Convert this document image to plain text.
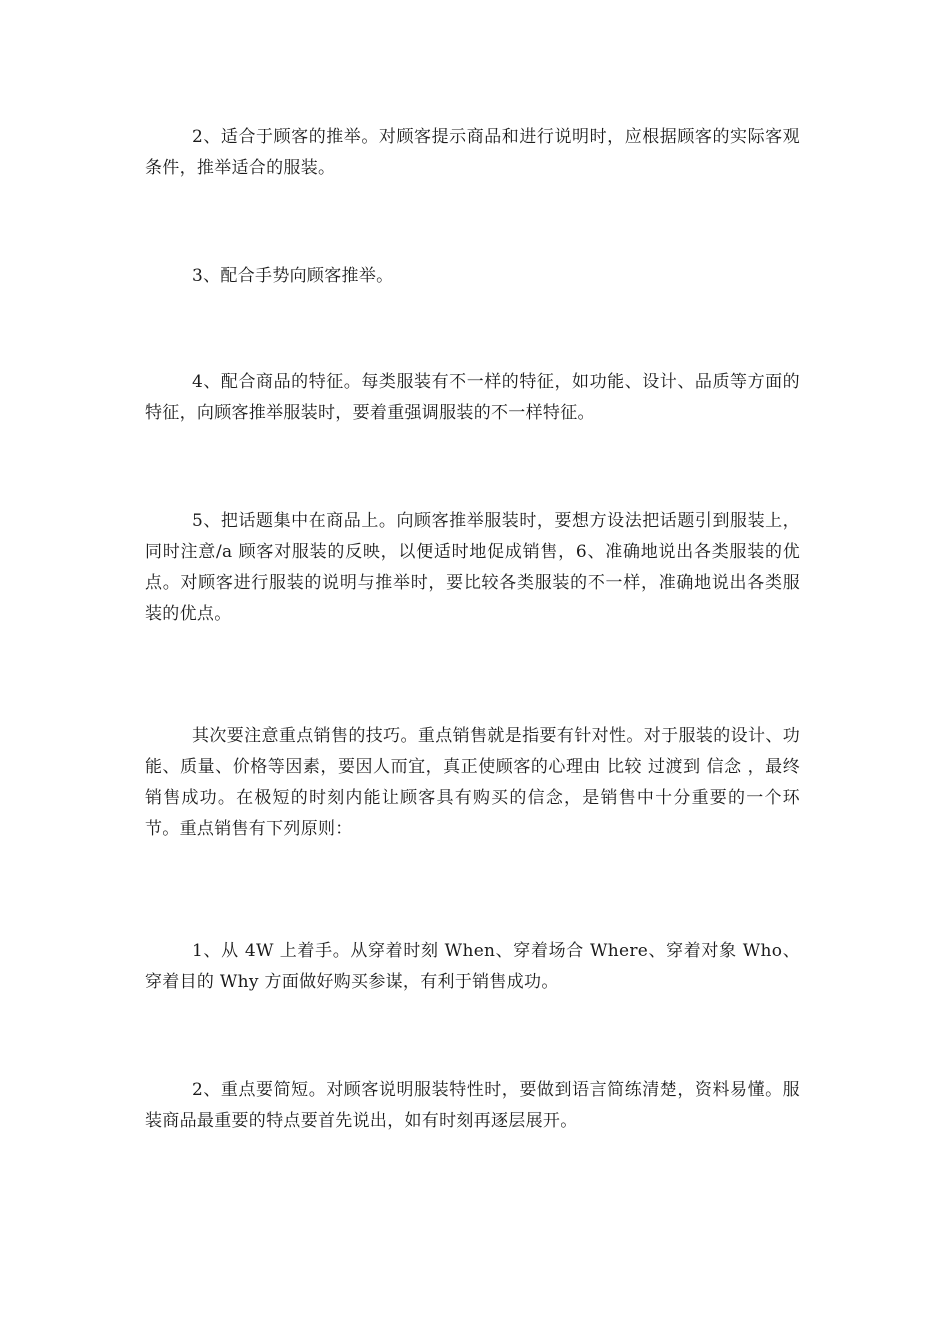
2、适合于顾客的推举。对顾客提示商品和进行说明时，应根据顾客的实际客观条件，推举适合的服装。

3、配合手势向顾客推举。

4、配合商品的特征。每类服装有不一样的特征，如功能、设计、品质等方面的特征，向顾客推举服装时，要着重强调服装的不一样特征。

5、把话题集中在商品上。向顾客推举服装时，要想方设法把话题引到服装上，同时注意/a 顾客对服装的反映，以便适时地促成销售，6、准确地说出各类服装的优点。对顾客进行服装的说明与推举时，要比较各类服装的不一样，准确地说出各类服装的优点。

其次要注意重点销售的技巧。重点销售就是指要有针对性。对于服装的设计、功能、质量、价格等因素，要因人而宜，真正使顾客的心理由 比较 过渡到 信念 ，最终销售成功。在极短的时刻内能让顾客具有购买的信念，是销售中十分重要的一个环节。重点销售有下列原则：

1、从 4W 上着手。从穿着时刻 When、穿着场合 Where、穿着对象 Who、穿着目的 Why 方面做好购买参谋，有利于销售成功。

2、重点要简短。对顾客说明服装特性时，要做到语言简练清楚，资料易懂。服装商品最重要的特点要首先说出，如有时刻再逐层展开。
